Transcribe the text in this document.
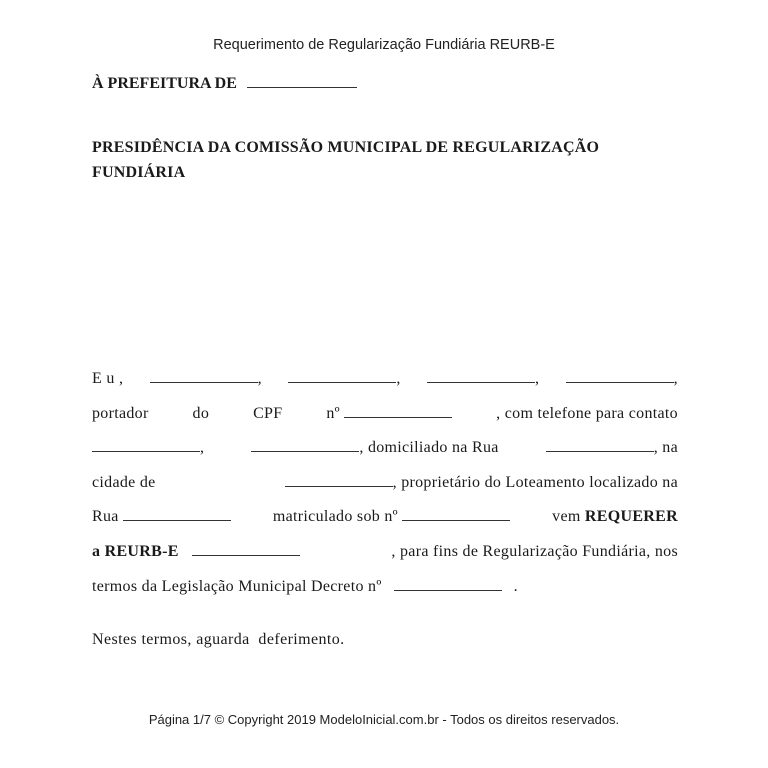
Requerimento de Regularização Fundiária REURB-E
À PREFEITURA DE
PRESIDÊNCIA DA COMISSÃO MUNICIPAL DE REGULARIZAÇÃO FUNDIÁRIA
E u ,	,	,	,	,
portador	do	CPF	nº	, com telefone para contato
,	, domiciliado na Rua	, na
cidade de	, proprietário do Loteamento localizado na
Rua	matriculado sob nº	vem REQUERER
a REURB-E	, para fins de Regularização Fundiária, nos
termos da Legislação Municipal Decreto nº	.
Nestes termos, aguarda  deferimento.
Página 1/7 © Copyright 2019 ModeloInicial.com.br - Todos os direitos reservados.
